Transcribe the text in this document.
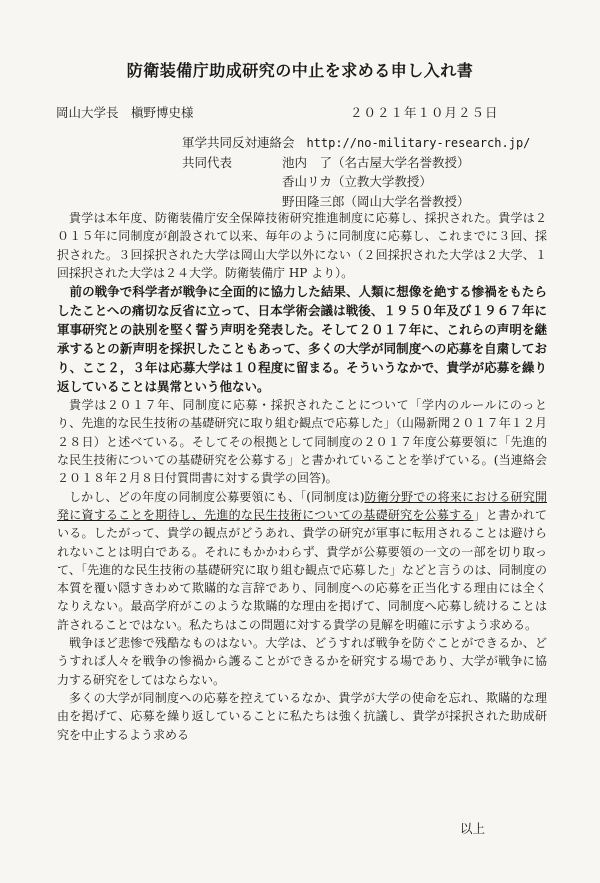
防衛装備庁助成研究の中止を求める申し入れ書
岡山大学長　槇野博史様	２０２１年１０月２５日
軍学共同反対連絡会 http://no-military-research.jp/
共同代表	池内　了（名古屋大学名誉教授）
香山リカ（立教大学教授）
野田隆三郎（岡山大学名誉教授）

貴学は本年度、防衛装備庁安全保障技術研究推進制度に応募し、採択された。貴学は２０１５年に同制度が創設されて以来、毎年のように同制度に応募し、これまでに３回、採択された。３回採択された大学は岡山大学以外にない（２回採択された大学は２大学、１回採択された大学は２４大学。防衛装備庁 HP より）。

前の戦争で科学者が戦争に全面的に協力した結果、人類に想像を絶する惨禍をもたらしたことへの痛切な反省に立って、日本学術会議は戦後、１９５０年及び１９６７年に軍事研究との訣別を堅く誓う声明を発表した。そして２０１７年に、これらの声明を継承するとの新声明を採択したこともあって、多くの大学が同制度への応募を自粛しており、ここ２，３年は応募大学は１０程度に留まる。そういうなかで、貴学が応募を繰り返していることは異常という他ない。

貴学は２０１７年、同制度に応募・採択されたことについて「学内のルールにのっとり、先進的な民生技術の基礎研究に取り組む観点で応募した」（山陽新聞２０１７年１２月２８日）と述べている。そしてその根拠として同制度の２０１７年度公募要領に「先進的な民生技術についての基礎研究を公募する」と書かれていることを挙げている。(当連絡会２０１８年２月８日付質問書に対する貴学の回答)。

しかし、どの年度の同制度公募要領にも、「(同制度は)防衛分野での将来における研究開発に資することを期待し、先進的な民生技術についての基礎研究を公募する」と書かれている。したがって、貴学の観点がどうあれ、貴学の研究が軍事に転用されることは避けられないことは明白である。それにもかかわらず、貴学が公募要領の一文の一部を切り取って、「先進的な民生技術の基礎研究に取り組む観点で応募した」などと言うのは、同制度の本質を覆い隠すきわめて欺瞞的な言辞であり、同制度への応募を正当化する理由には全くなりえない。最高学府がこのような欺瞞的な理由を掲げて、同制度へ応募し続けることは許されることではない。私たちはこの問題に対する貴学の見解を明確に示すよう求める。

戦争ほど悲惨で残酷なものはない。大学は、どうすれば戦争を防ぐことができるか、どうすれば人々を戦争の惨禍から護ることができるかを研究する場であり、大学が戦争に協力する研究をしてはならない。

多くの大学が同制度への応募を控えているなか、貴学が大学の使命を忘れ、欺瞞的な理由を掲げて、応募を繰り返していることに私たちは強く抗議し、貴学が採択された助成研究を中止するよう求める

以上
